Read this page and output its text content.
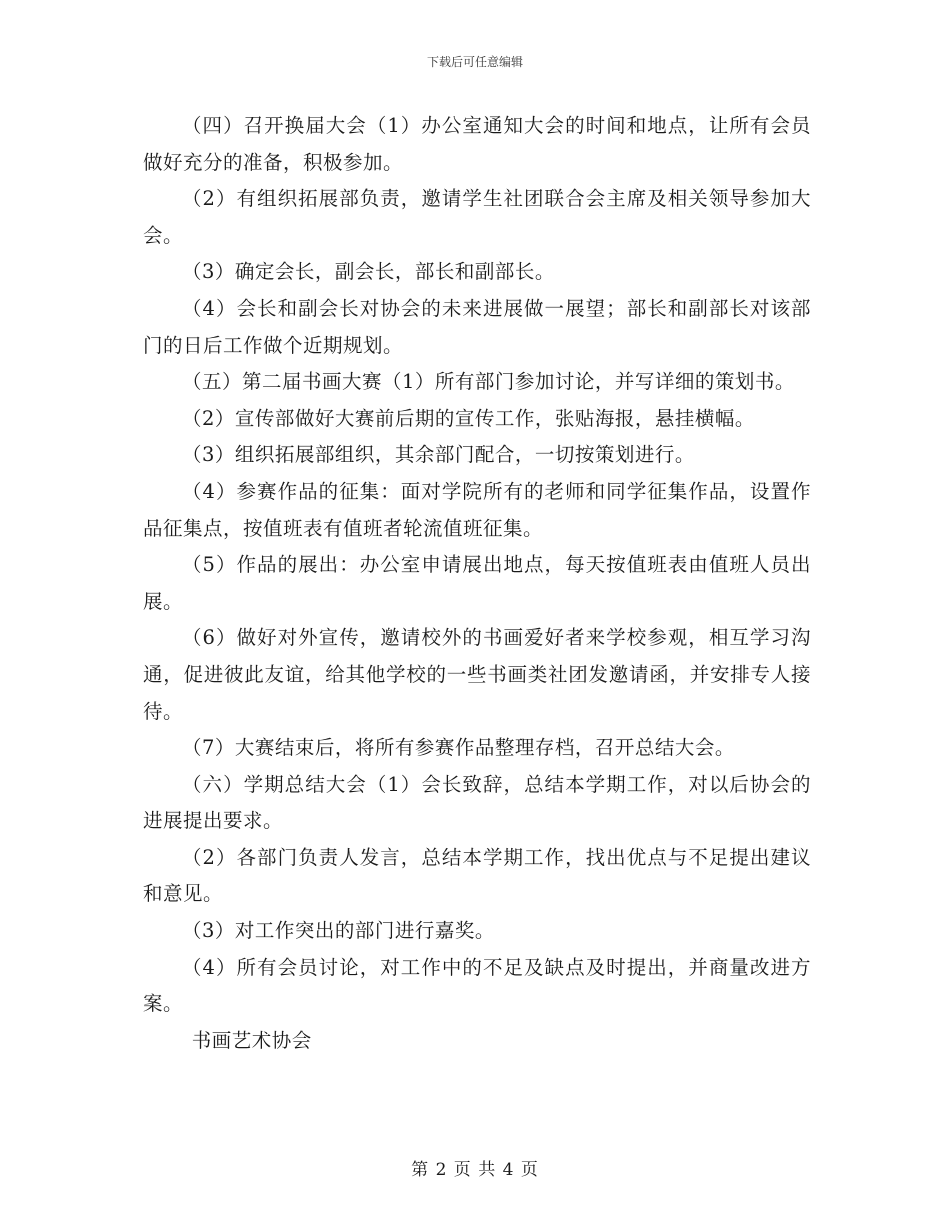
下载后可任意编辑

（四）召开换届大会（1）办公室通知大会的时间和地点，让所有会员做好充分的准备，积极参加。

（2）有组织拓展部负责，邀请学生社团联合会主席及相关领导参加大会。

（3）确定会长，副会长，部长和副部长。

（4）会长和副会长对协会的未来进展做一展望；部长和副部长对该部门的日后工作做个近期规划。

（五）第二届书画大赛（1）所有部门参加讨论，并写详细的策划书。

（2）宣传部做好大赛前后期的宣传工作，张贴海报，悬挂横幅。

（3）组织拓展部组织，其余部门配合，一切按策划进行。

（4）参赛作品的征集：面对学院所有的老师和同学征集作品，设置作品征集点，按值班表有值班者轮流值班征集。

（5）作品的展出：办公室申请展出地点，每天按值班表由值班人员出展。

（6）做好对外宣传，邀请校外的书画爱好者来学校参观，相互学习沟通，促进彼此友谊，给其他学校的一些书画类社团发邀请函，并安排专人接待。

（7）大赛结束后，将所有参赛作品整理存档，召开总结大会。

（六）学期总结大会（1）会长致辞，总结本学期工作，对以后协会的进展提出要求。

（2）各部门负责人发言，总结本学期工作，找出优点与不足提出建议和意见。

（3）对工作突出的部门进行嘉奖。

（4）所有会员讨论，对工作中的不足及缺点及时提出，并商量改进方案。

书画艺术协会

第 2 页 共 4 页
